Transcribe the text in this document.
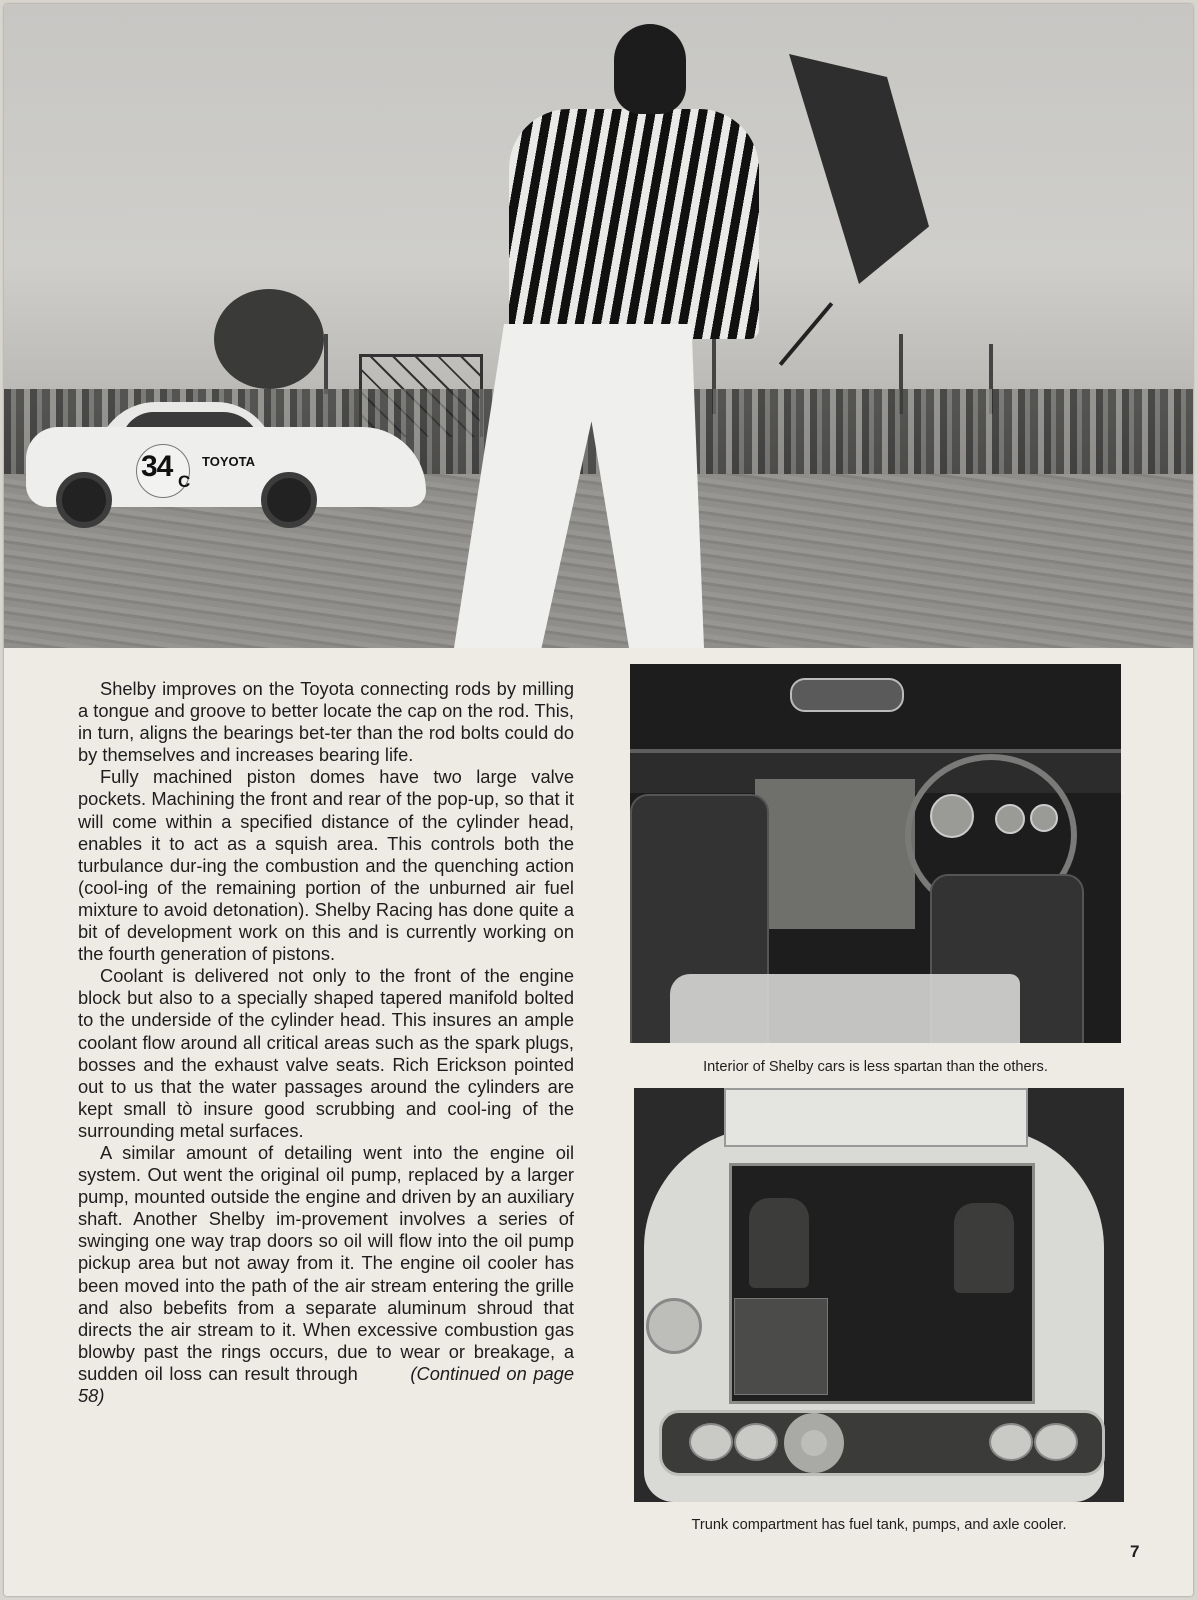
34 C
TOYOTA

Shelby improves on the Toyota connecting rods by milling a tongue and groove to better locate the cap on the rod. This, in turn, aligns the bearings bet-ter than the rod bolts could do by themselves and increases bearing life.

Fully machined piston domes have two large valve pockets. Machining the front and rear of the pop-up, so that it will come within a specified distance of the cylinder head, enables it to act as a squish area. This controls both the turbulance dur-ing the combustion and the quenching action (cool-ing of the remaining portion of the unburned air fuel mixture to avoid detonation). Shelby Racing has done quite a bit of development work on this and is currently working on the fourth generation of pistons.

Coolant is delivered not only to the front of the engine block but also to a specially shaped tapered manifold bolted to the underside of the cylinder head. This insures an ample coolant flow around all critical areas such as the spark plugs, bosses and the exhaust valve seats. Rich Erickson pointed out to us that the water passages around the cylinders are kept small tò insure good scrubbing and cool-ing of the surrounding metal surfaces.

A similar amount of detailing went into the engine oil system. Out went the original oil pump, replaced by a larger pump, mounted outside the engine and driven by an auxiliary shaft. Another Shelby im-provement involves a series of swinging one way trap doors so oil will flow into the oil pump pickup area but not away from it. The engine oil cooler has been moved into the path of the air stream entering the grille and also bebefits from a separate aluminum shroud that directs the air stream to it. When excessive combustion gas blowby past the rings occurs, due to wear or breakage, a sudden oil loss can result through	(Continued on page 58)

Interior of Shelby cars is less spartan than the others.
Trunk compartment has fuel tank, pumps, and axle cooler.
7
